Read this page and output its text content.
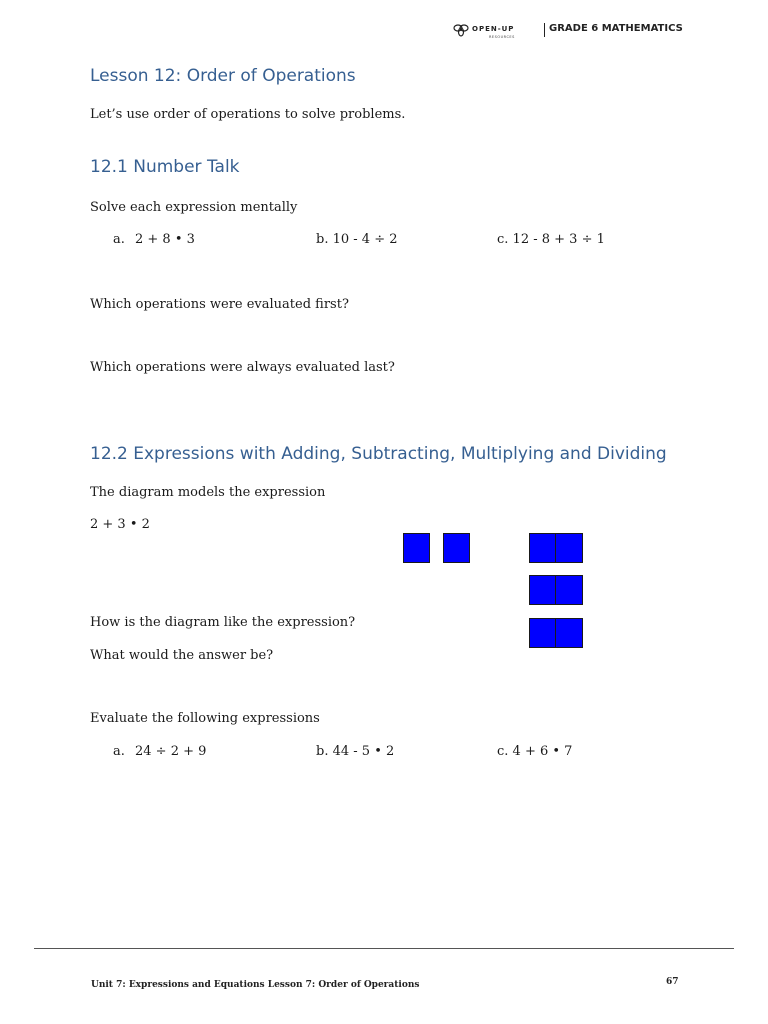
OPEN-UP
RESOURCES
GRADE 6 MATHEMATICS
Lesson 12: Order of Operations
Let’s use order of operations to solve problems.
12.1 Number Talk
Solve each expression mentally
a. 2 + 8 • 3	b. 10 - 4 ÷ 2	c. 12 - 8 + 3 ÷ 1
Which operations were evaluated first?
Which operations were always evaluated last?
12.2 Expressions with Adding, Subtracting, Multiplying and Dividing
The diagram models the expression
2 + 3 • 2
How is the diagram like the expression?
What would the answer be?
Evaluate the following expressions
a. 24 ÷ 2 + 9	b. 44 - 5 • 2	c. 4 + 6 • 7
Unit 7: Expressions and Equations Lesson 7: Order of Operations	67
